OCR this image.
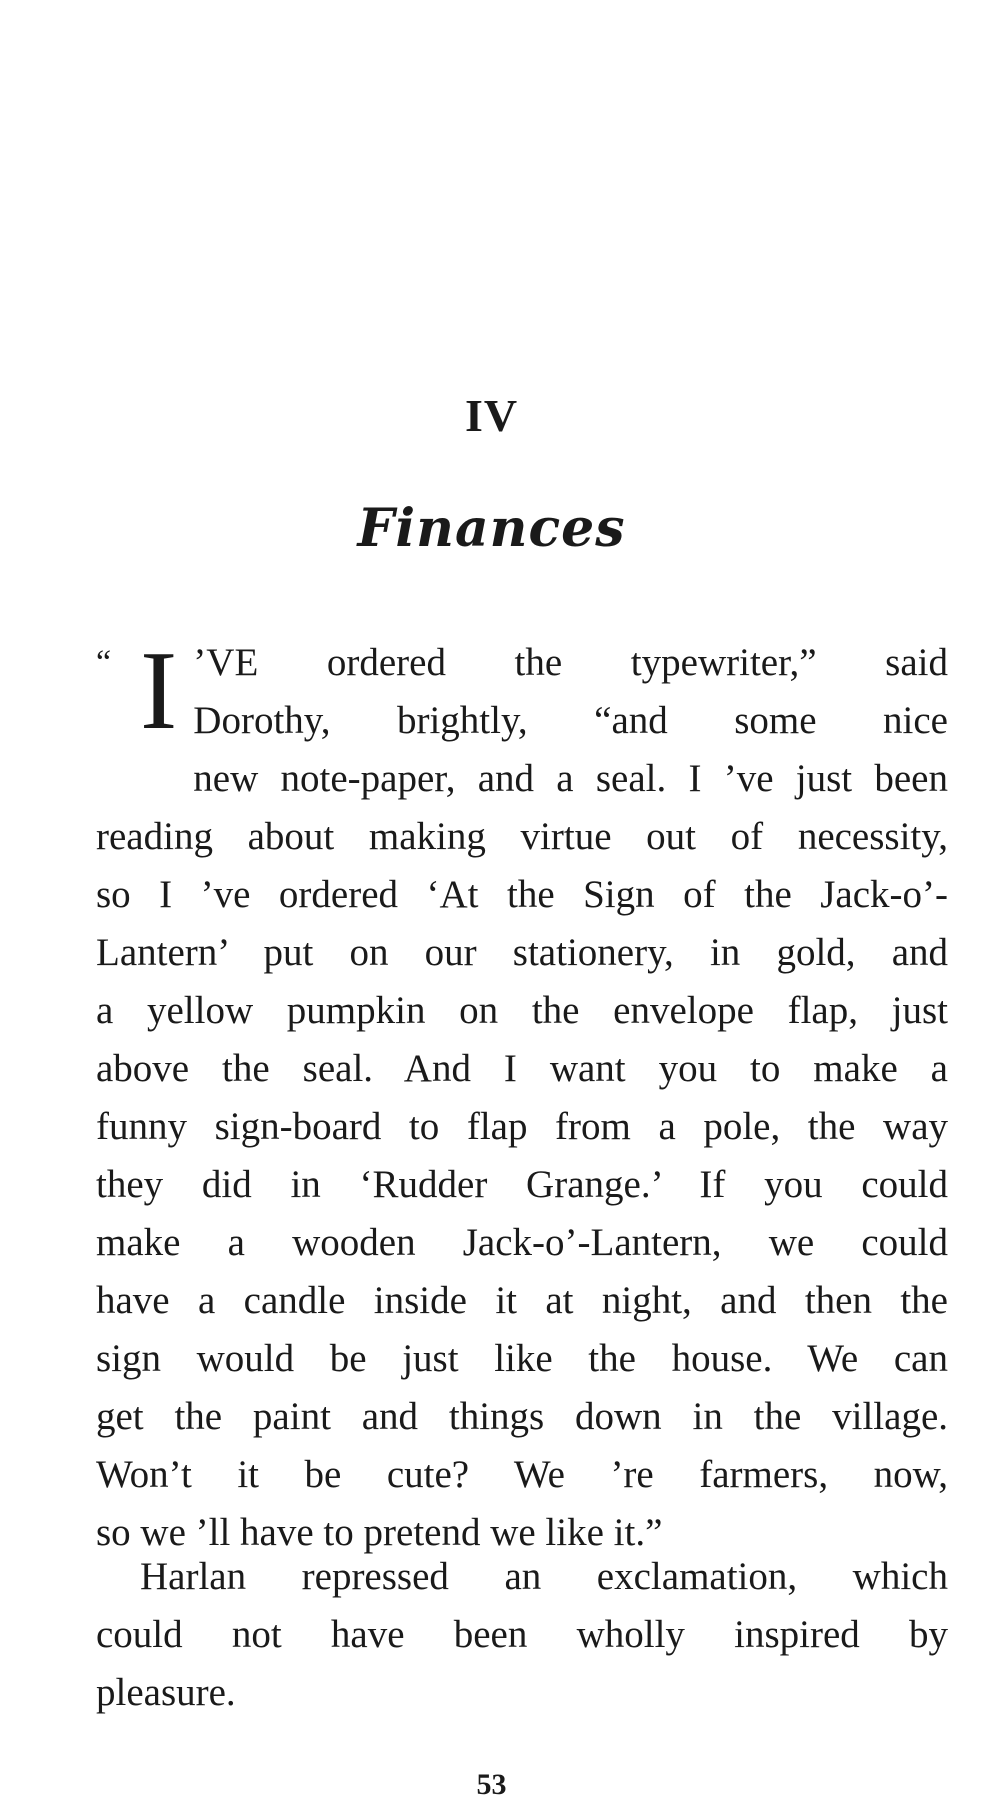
IV
Finances
“ I ’VE ordered the typewriter,” said
Dorothy, brightly, “and some nice
new note-paper, and a seal. I ’ve just been
reading about making virtue out of necessity,
so I ’ve ordered ‘At the Sign of the Jack-o’-
Lantern’ put on our stationery, in gold, and
a yellow pumpkin on the envelope flap, just
above the seal. And I want you to make a
funny sign-board to flap from a pole, the way
they did in ‘Rudder Grange.’ If you could
make a wooden Jack-o’-Lantern, we could
have a candle inside it at night, and then the
sign would be just like the house. We can
get the paint and things down in the village.
Won’t it be cute? We ’re farmers, now,
so we ’ll have to pretend we like it.”
Harlan repressed an exclamation, which
could not have been wholly inspired by
pleasure.
53
